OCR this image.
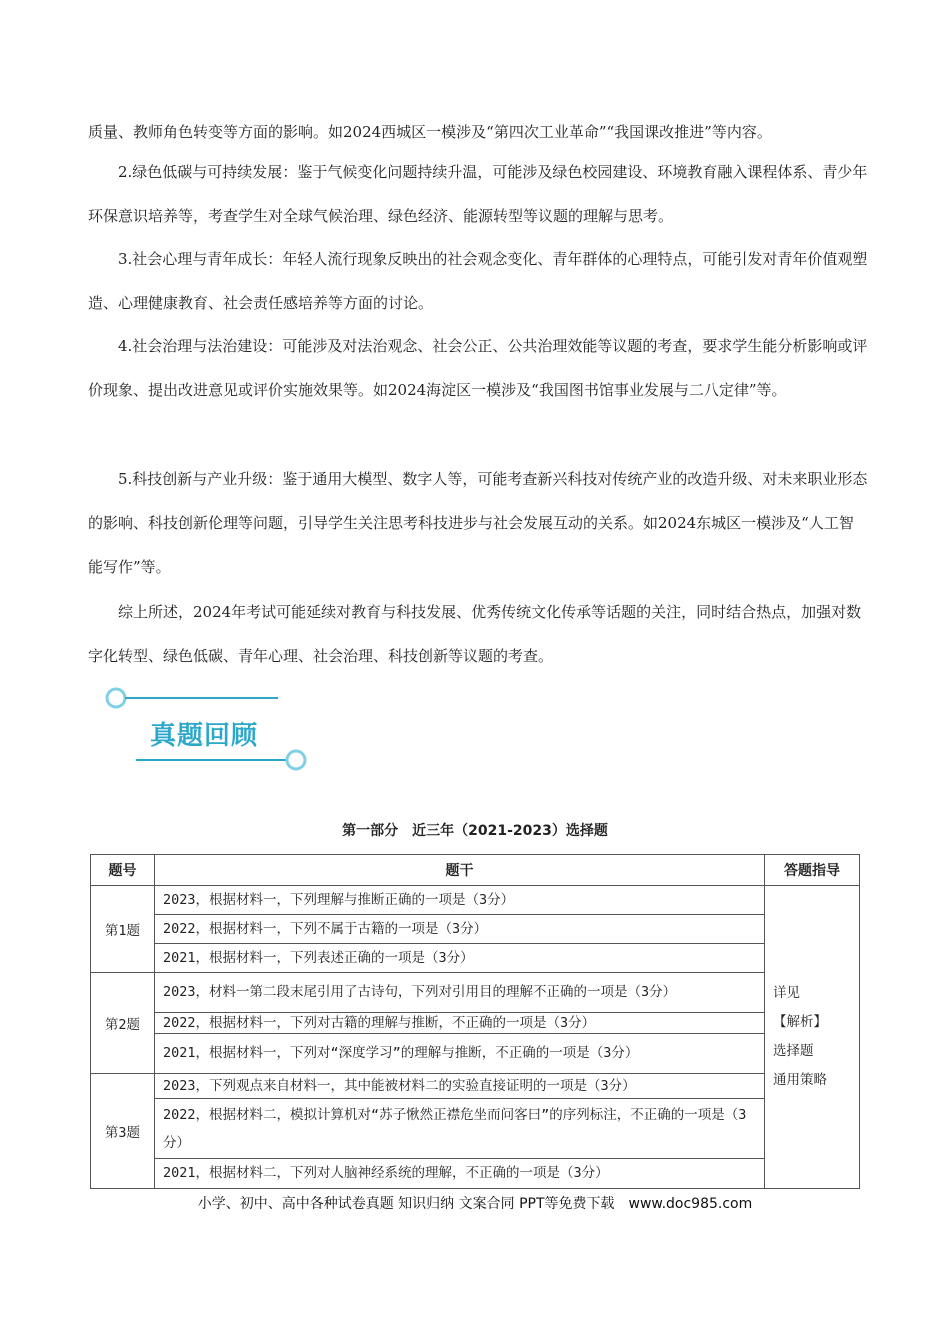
质量、教师角色转变等方面的影响。如2024西城区一模涉及“第四次工业革命”“我国课改推进”等内容。

2.绿色低碳与可持续发展：鉴于气候变化问题持续升温，可能涉及绿色校园建设、环境教育融入课程体系、青少年环保意识培养等，考查学生对全球气候治理、绿色经济、能源转型等议题的理解与思考。

3.社会心理与青年成长：年轻人流行现象反映出的社会观念变化、青年群体的心理特点，可能引发对青年价值观塑造、心理健康教育、社会责任感培养等方面的讨论。

4.社会治理与法治建设：可能涉及对法治观念、社会公正、公共治理效能等议题的考查，要求学生能分析影响或评价现象、提出改进意见或评价实施效果等。如2024海淀区一模涉及“我国图书馆事业发展与二八定律”等。

5.科技创新与产业升级：鉴于通用大模型、数字人等，可能考查新兴科技对传统产业的改造升级、对未来职业形态的影响、科技创新伦理等问题，引导学生关注思考科技进步与社会发展互动的关系。如2024东城区一模涉及“人工智能写作”等。

综上所述，2024年考试可能延续对教育与科技发展、优秀传统文化传承等话题的关注，同时结合热点，加强对数字化转型、绿色低碳、青年心理、社会治理、科技创新等议题的考查。

真题回顾
第一部分　近三年（2021-2023）选择题
题号	题干	答题指导
第1题	2023，根据材料一，下列理解与推断正确的一项是（3分）	详见
【解析】
选择题
通用策略

	2022，根据材料一，下列不属于古籍的一项是（3分）	
	2021，根据材料一，下列表述正确的一项是（3分）	
第2题	2023，材料一第二段末尾引用了古诗句，下列对引用目的理解不正确的一项是（3分）	
	2022，根据材料一，下列对古籍的理解与推断，不正确的一项是（3分）	
	2021，根据材料一，下列对“深度学习”的理解与推断，不正确的一项是（3分）	
第3题	2023，下列观点来自材料一，其中能被材料二的实验直接证明的一项是（3分）	
	2022，根据材料二，模拟计算机对“苏子愀然正襟危坐而问客曰”的序列标注，不正确的一项是（3分）	
	2021，根据材料二，下列对人脑神经系统的理解，不正确的一项是（3分）	
小学、初中、高中各种试卷真题 知识归纳 文案合同 PPT等免费下载　www.doc985.com
